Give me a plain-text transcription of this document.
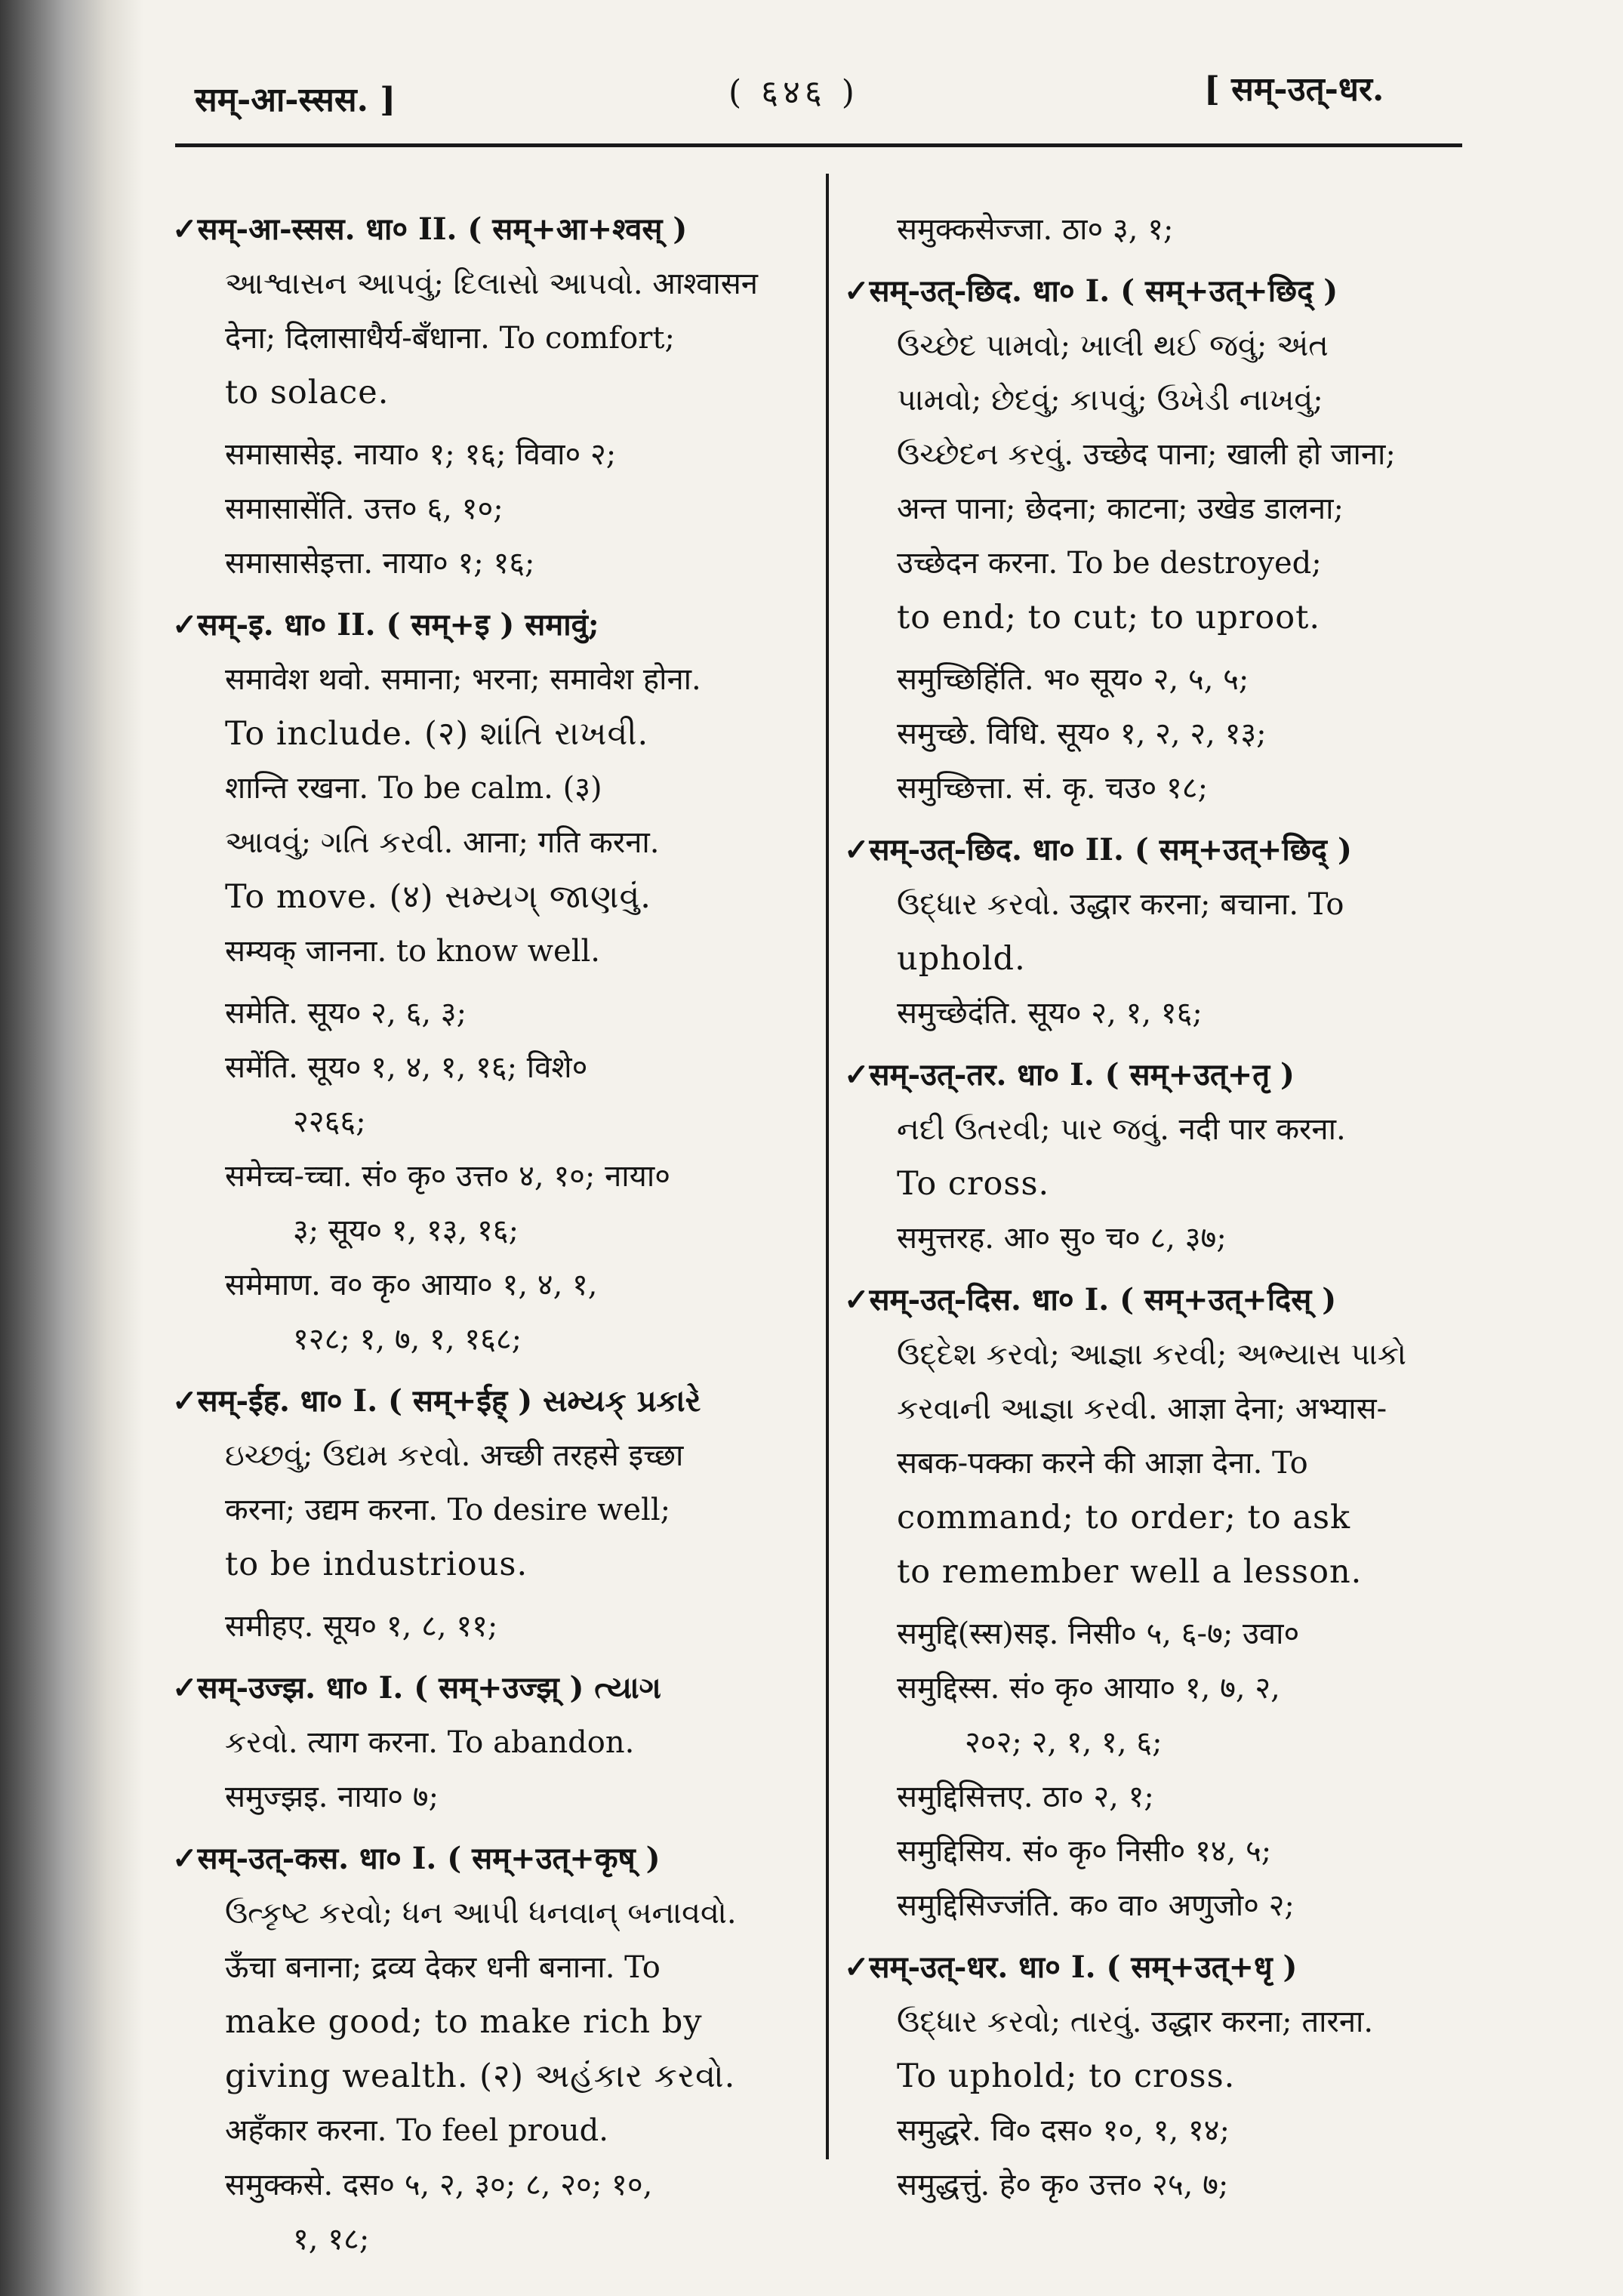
सम्-आ-स्सस. ]	( ६४६ )	[ सम्-उत्-धर.
✓सम्-आ-स्सस. धा० II. ( सम्+आ+श्वस् )
આશ્વાસન આપવું; દિલાસો આપવો. आश्वासन
देना; दिलासाधैर्य-बँधाना. To comfort;
to solace.
समासासेइ. नाया० १; १६; विवा० २;
समासासेंति. उत्त० ६, १०;
समासासेइत्ता. नाया० १; १६;
✓सम्-इ. धा० II. ( सम्+इ ) समावुं;
समावेश थवो. समाना; भरना; समावेश होना.
To include. (२) શાંતિ રાખવી.
शान्ति रखना. To be calm. (३)
આવવું; ગતિ કરવી. आना; गति करना.
To move. (४) સમ્યગ્ જાણવું.
सम्यक् जानना. to know well.
समेति. सूय० २, ६, ३;
समेंति. सूय० १, ४, १, १६; विशे०
२२६६;
समेच्च-च्चा. सं० कृ० उत्त० ४, १०; नाया०
३; सूय० १, १३, १६;
समेमाण. व० कृ० आया० १, ४, १,
१२८; १, ७, १, १६८;
✓सम्-ईह. धा० I. ( सम्+ईह् ) સમ્યક્ પ્રકારે
ઇચ્છવું; ઉદ્યમ કરવો. अच्छी तरहसे इच्छा
करना; उद्यम करना. To desire well;
to be industrious.
समीहए. सूय० १, ८, ११;
✓सम्-उज्झ. धा० I. ( सम्+उज्झ् ) ત્યાગ
કરવો. त्याग करना. To abandon.
समुज्झइ. नाया० ७;
✓सम्-उत्-कस. धा० I. ( सम्+उत्+कृष् )
ઉત્કૃષ્ટ કરવો; ધન આપી ધનવાન્ બનાવવો.
ऊँचा बनाना; द्रव्य देकर धनी बनाना. To
make good; to make rich by
giving wealth. (२) અહંકાર કરવો.
अहँकार करना. To feel proud.
समुक्कसे. दस० ५, २, ३०; ८, २०; १०,
१, १८;
समुक्कसेज्जा. ठा० ३, १;
✓सम्-उत्-छिद. धा० I. ( सम्+उत्+छिद् )
ઉચ્છેદ પામવો; ખાલી થઈ જવું; અંત
પામવો; છેદવું; કાપવું; ઉખેડી નાખવું;
ઉચ્છેદન કરવું. उच्छेद पाना; खाली हो जाना;
अन्त पाना; छेदना; काटना; उखेड डालना;
उच्छेदन करना. To be destroyed;
to end; to cut; to uproot.
समुच्छिहिंति. भ० सूय० २, ५, ५;
समुच्छे. विधि. सूय० १, २, २, १३;
समुच्छित्ता. सं. कृ. चउ० १८;
✓सम्-उत्-छिद. धा० II. ( सम्+उत्+छिद् )
ઉદ્ધાર કરવો. उद्धार करना; बचाना. To
uphold.
समुच्छेदंति. सूय० २, १, १६;
✓सम्-उत्-तर. धा० I. ( सम्+उत्+तृ )
નદી ઉતરવી; પાર જવું. नदी पार करना.
To cross.
समुत्तरह. आ० सु० च० ८, ३७;
✓सम्-उत्-दिस. धा० I. ( सम्+उत्+दिस् )
ઉદ્દેશ કરવો; આજ્ઞા કરવી; અભ્યાસ પાકો
કરવાની આજ્ઞા કરવી. आज्ञा देना; अभ्यास-
सबक-पक्का करने की आज्ञा देना. To
command; to order; to ask
to remember well a lesson.
समुद्दि(स्स)सइ. निसी० ५, ६-७; उवा०
समुद्दिस्स. सं० कृ० आया० १, ७, २,
२०२; २, १, १, ६;
समुद्दिसित्तए. ठा० २, १;
समुद्दिसिय. सं० कृ० निसी० १४, ५;
समुद्दिसिज्जंति. क० वा० अणुजो० २;
✓सम्-उत्-धर. धा० I. ( सम्+उत्+धृ )
ઉદ્ધાર કરવો; તારવું. उद्धार करना; तारना.
To uphold; to cross.
समुद्धरे. वि० दस० १०, १, १४;
समुद्धत्तुं. हे० कृ० उत्त० २५, ७;
